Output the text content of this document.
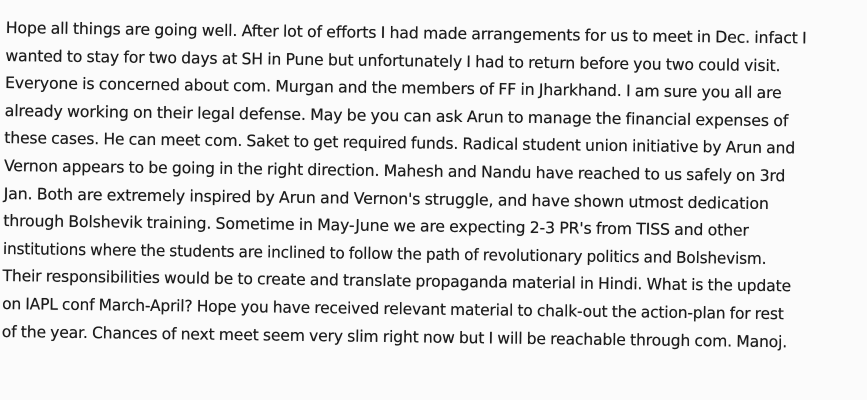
Hope all things are going well. After lot of efforts I had made arrangements for us to meet in Dec. infact I
wanted to stay for two days at SH in Pune but unfortunately I had to return before you two could visit.
Everyone is concerned about com. Murgan and the members of FF in Jharkhand. I am sure you all are
already working on their legal defense. May be you can ask Arun to manage the financial expenses of
these cases. He can meet com. Saket to get required funds. Radical student union initiative by Arun and
Vernon appears to be going in the right direction. Mahesh and Nandu have reached to us safely on 3rd
Jan. Both are extremely inspired by Arun and Vernon's struggle, and have shown utmost dedication
through Bolshevik training. Sometime in May-June we are expecting 2-3 PR's from TISS and other
institutions where the students are inclined to follow the path of revolutionary politics and Bolshevism.
Their responsibilities would be to create and translate propaganda material in Hindi. What is the update
on IAPL conf March-April? Hope you have received relevant material to chalk-out the action-plan for rest
of the year. Chances of next meet seem very slim right now but I will be reachable through com. Manoj.
